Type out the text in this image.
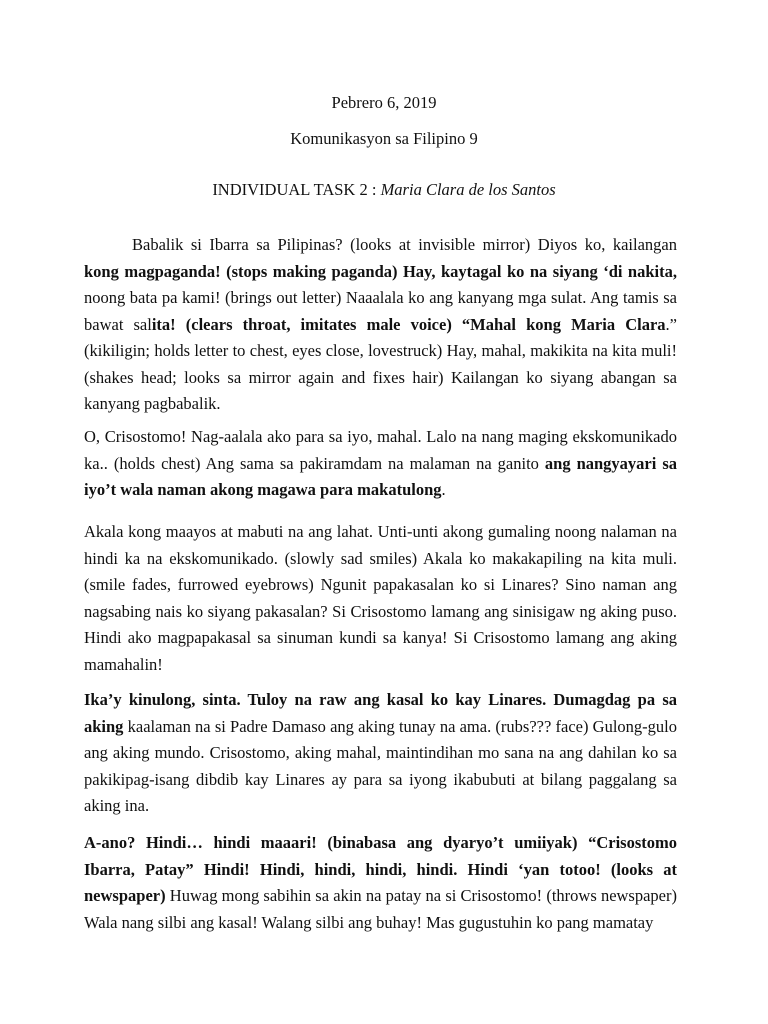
Pebrero 6, 2019
Komunikasyon sa Filipino 9
INDIVIDUAL TASK 2 : Maria Clara de los Santos

Babalik si Ibarra sa Pilipinas? (looks at invisible mirror) Diyos ko, kailangan kong magpaganda! (stops making paganda) Hay, kaytagal ko na siyang ‘di nakita, noong bata pa kami! (brings out letter) Naaalala ko ang kanyang mga sulat. Ang tamis sa bawat salita! (clears throat, imitates male voice) “Mahal kong Maria Clara.” (kikiligin; holds letter to chest, eyes close, lovestruck) Hay, mahal, makikita na kita muli! (shakes head; looks sa mirror again and fixes hair) Kailangan ko siyang abangan sa kanyang pagbabalik.

O, Crisostomo! Nag-aalala ako para sa iyo, mahal. Lalo na nang maging ekskomunikado ka.. (holds chest) Ang sama sa pakiramdam na malaman na ganito ang nangyayari sa iyo’t wala naman akong magawa para makatulong.

Akala kong maayos at mabuti na ang lahat. Unti-unti akong gumaling noong nalaman na hindi ka na ekskomunikado. (slowly sad smiles) Akala ko makakapiling na kita muli. (smile fades, furrowed eyebrows) Ngunit papakasalan ko si Linares? Sino naman ang nagsabing nais ko siyang pakasalan? Si Crisostomo lamang ang sinisigaw ng aking puso. Hindi ako magpapakasal sa sinuman kundi sa kanya! Si Crisostomo lamang ang aking mamahalin!

Ika’y kinulong, sinta. Tuloy na raw ang kasal ko kay Linares. Dumagdag pa sa aking kaalaman na si Padre Damaso ang aking tunay na ama. (rubs??? face) Gulong-gulo ang aking mundo. Crisostomo, aking mahal, maintindihan mo sana na ang dahilan ko sa pakikipag-isang dibdib kay Linares ay para sa iyong ikabubuti at bilang paggalang sa aking ina.

A-ano? Hindi… hindi maaari! (binabasa ang dyaryo’t umiiyak) “Crisostomo Ibarra, Patay” Hindi! Hindi, hindi, hindi, hindi. Hindi ‘yan totoo! (looks at newspaper) Huwag mong sabihin sa akin na patay na si Crisostomo! (throws newspaper) Wala nang silbi ang kasal! Walang silbi ang buhay! Mas gugustuhin ko pang mamatay
